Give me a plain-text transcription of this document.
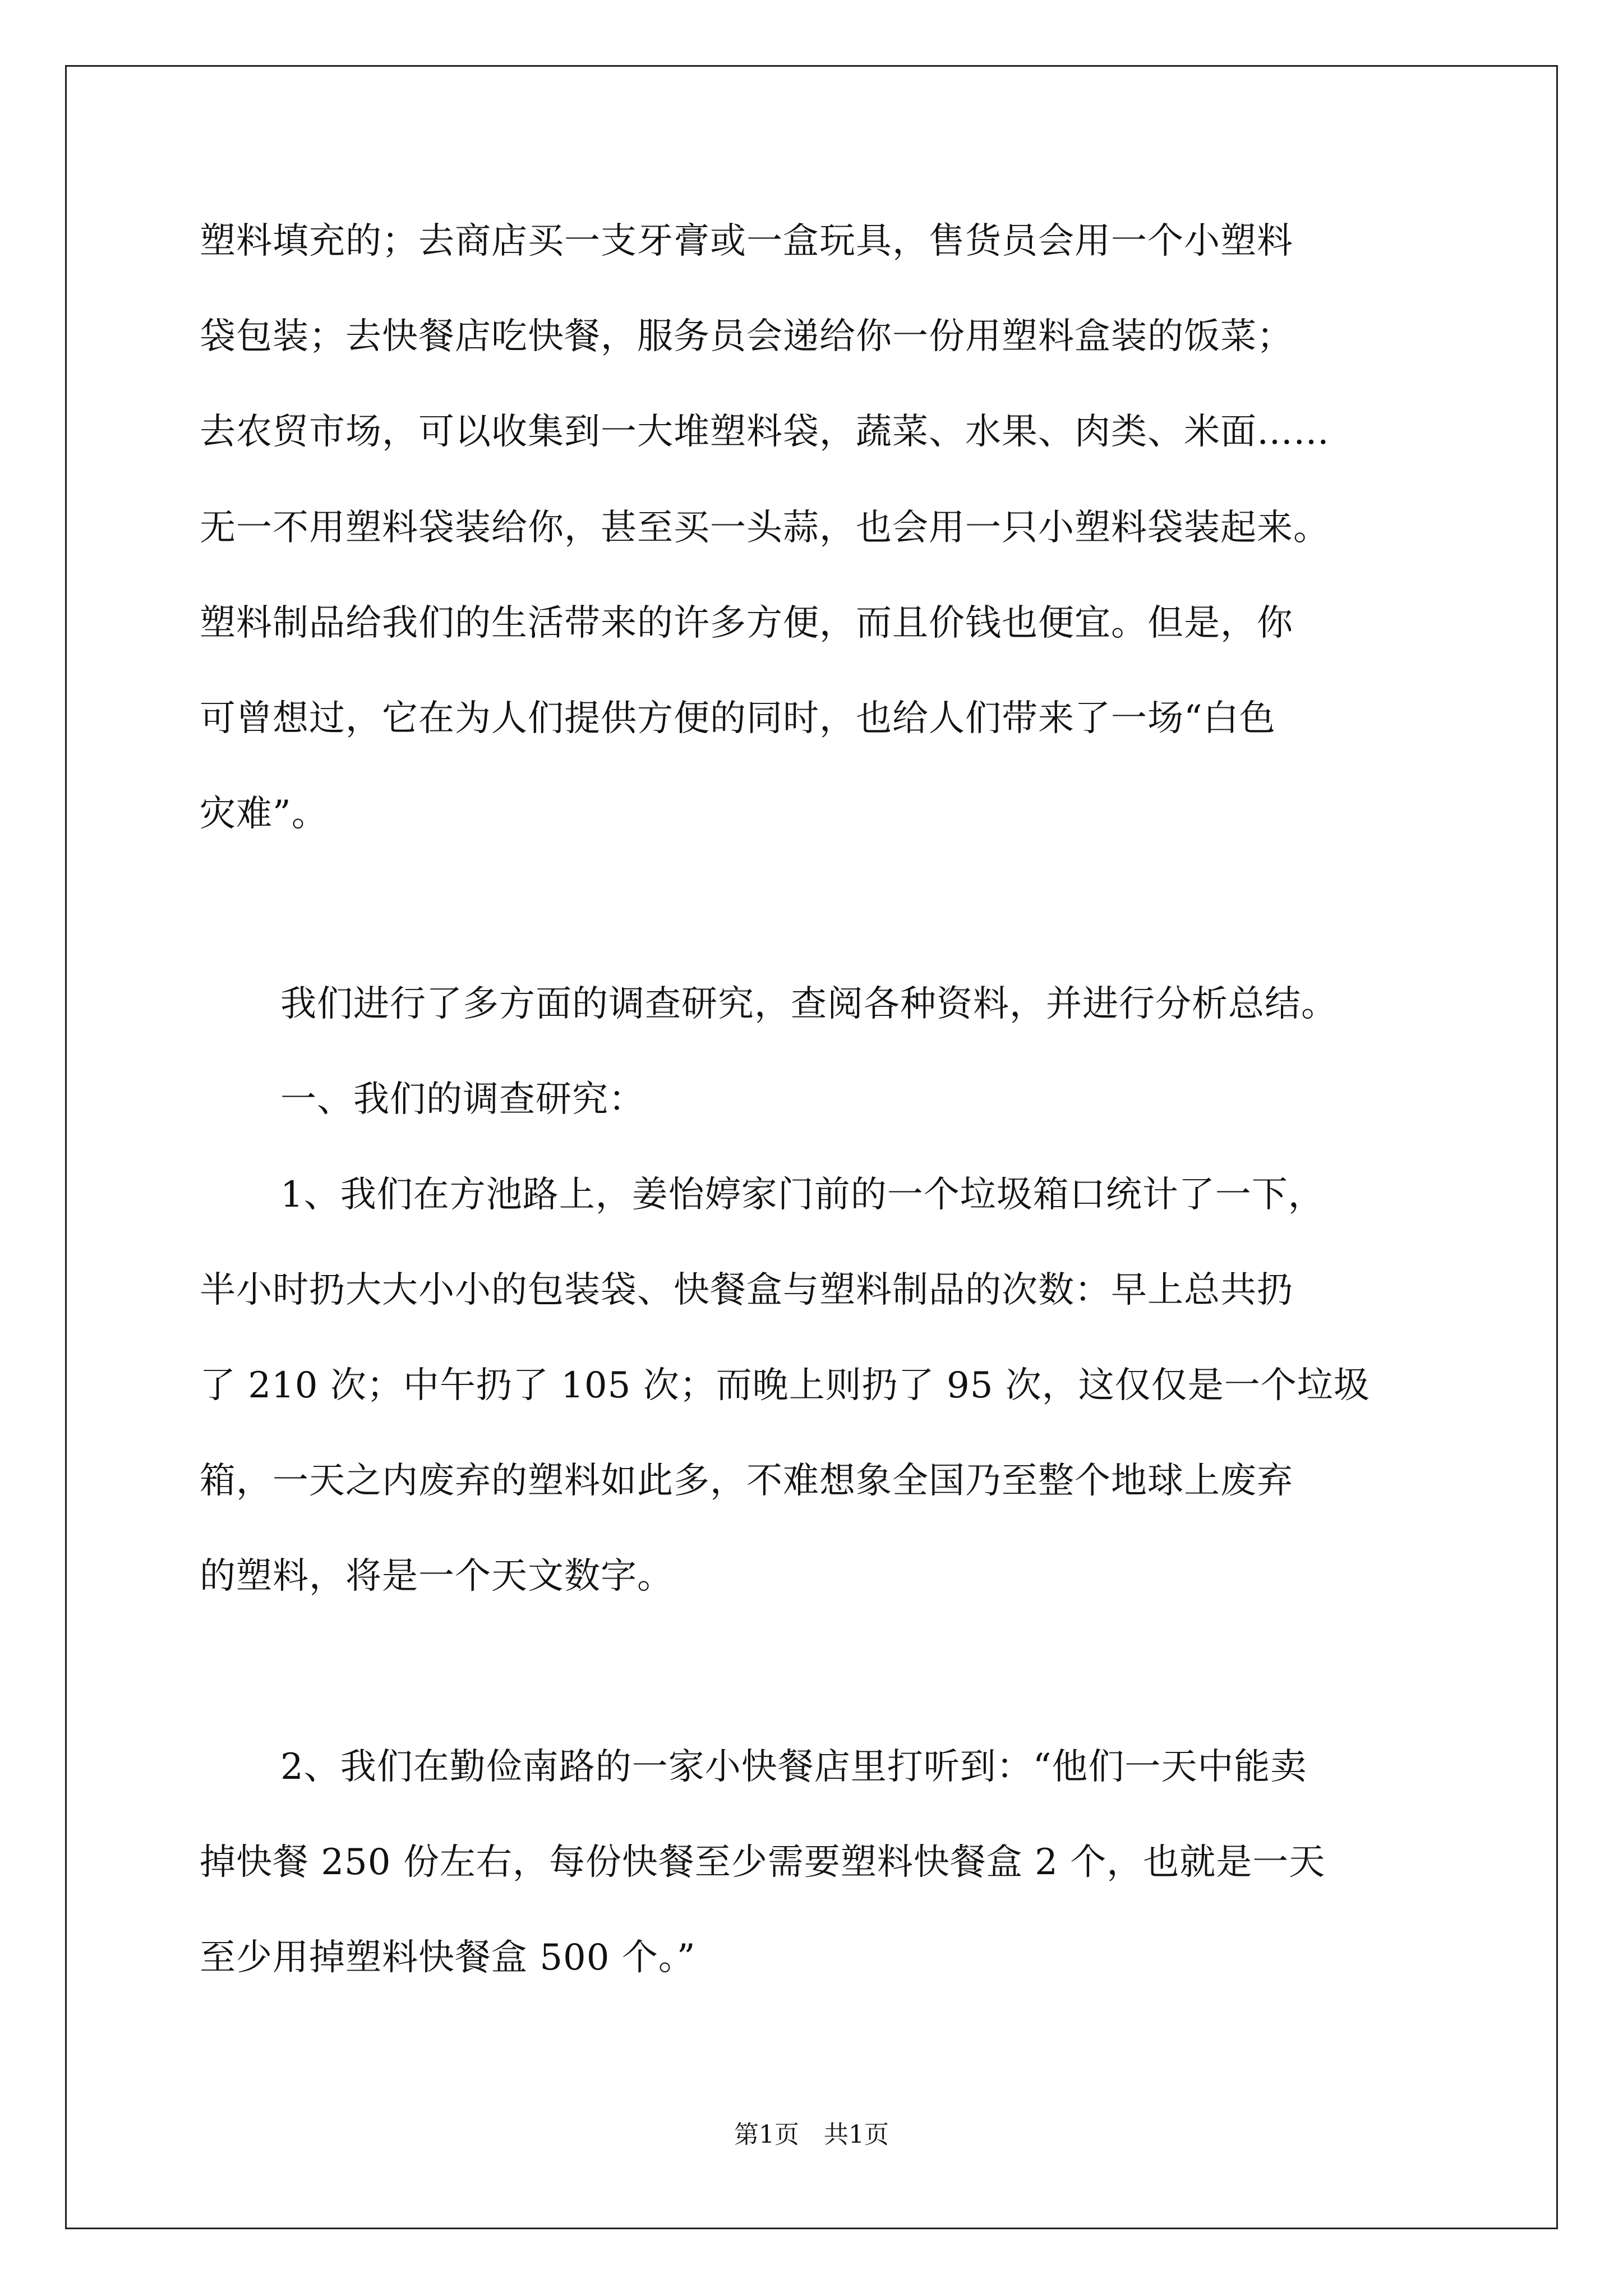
塑料填充的；去商店买一支牙膏或一盒玩具，售货员会用一个小塑料
袋包装；去快餐店吃快餐，服务员会递给你一份用塑料盒装的饭菜；
去农贸市场，可以收集到一大堆塑料袋，蔬菜、水果、肉类、米面……
无一不用塑料袋装给你，甚至买一头蒜，也会用一只小塑料袋装起来。
塑料制品给我们的生活带来的许多方便，而且价钱也便宜。但是，你
可曾想过，它在为人们提供方便的同时，也给人们带来了一场“白色
灾难”。
我们进行了多方面的调查研究，查阅各种资料，并进行分析总结。
一、我们的调查研究：
1、我们在方池路上，姜怡婷家门前的一个垃圾箱口统计了一下，
半小时扔大大小小的包装袋、快餐盒与塑料制品的次数：早上总共扔
了 210 次；中午扔了 105 次；而晚上则扔了 95 次，这仅仅是一个垃圾
箱，一天之内废弃的塑料如此多，不难想象全国乃至整个地球上废弃
的塑料，将是一个天文数字。
2、我们在勤俭南路的一家小快餐店里打听到：“他们一天中能卖
掉快餐 250 份左右，每份快餐至少需要塑料快餐盒 2 个，也就是一天
至少用掉塑料快餐盒 500 个。”
第1页　共1页
